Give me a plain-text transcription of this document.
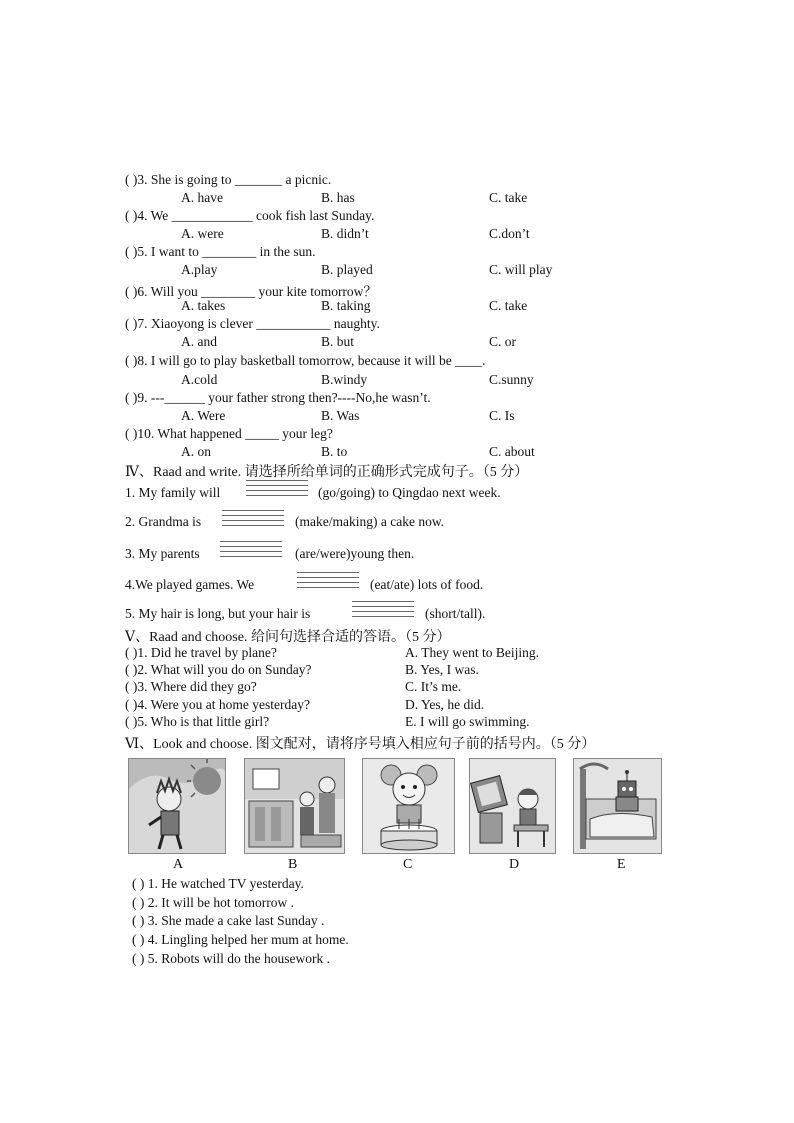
( )3. She is going to _______ a picnic.
A. have	B. has	C. take
( )4. We ____________ cook fish last Sunday.
A. were	B. didn’t	C.don’t
( )5. I want to ________ in the sun.
A.play	B. played	C. will play
( )6. Will you ________ your kite tomorrow？
A. takes	B. taking	C. take
( )7. Xiaoyong is clever ___________ naughty.
A. and	B. but	C. or
( )8. I will go to play basketball tomorrow, because it will be ____.
A.cold	B.windy	C.sunny
( )9. ---______ your father strong then?----No,he wasn’t.
A. Were	B. Was	C. Is
( )10. What happened _____ your leg?
A. on	B. to	C. about
Ⅳ、Raad and write. 请选择所给单词的正确形式完成句子。（5 分）
1. My family will	(go/going) to Qingdao next week.
2. Grandma is	(make/making) a cake now.
3. My parents	(are/were)young then.
4.We played games. We	(eat/ate) lots of food.
5. My hair is long, but your hair is	(short/tall).
Ⅴ、Raad and choose. 给问句选择合适的答语。（5 分）
( )1. Did he travel by plane?	A. They went to Beijing.
( )2. What will you do on Sunday?	B. Yes, I was.
( )3. Where did they go?	C. It’s me.
( )4. Were you at home yesterday?	D. Yes, he did.
( )5. Who is that little girl?	E. I will go swimming.
Ⅵ、Look and choose. 图文配对，请将序号填入相应句子前的括号内。（5 分）
A	B	C	D	E
( ) 1. He watched TV yesterday.
( ) 2. It will be hot tomorrow .
( ) 3. She made a cake last Sunday .
( ) 4. Lingling helped her mum at home.
( ) 5. Robots will do the housework .
